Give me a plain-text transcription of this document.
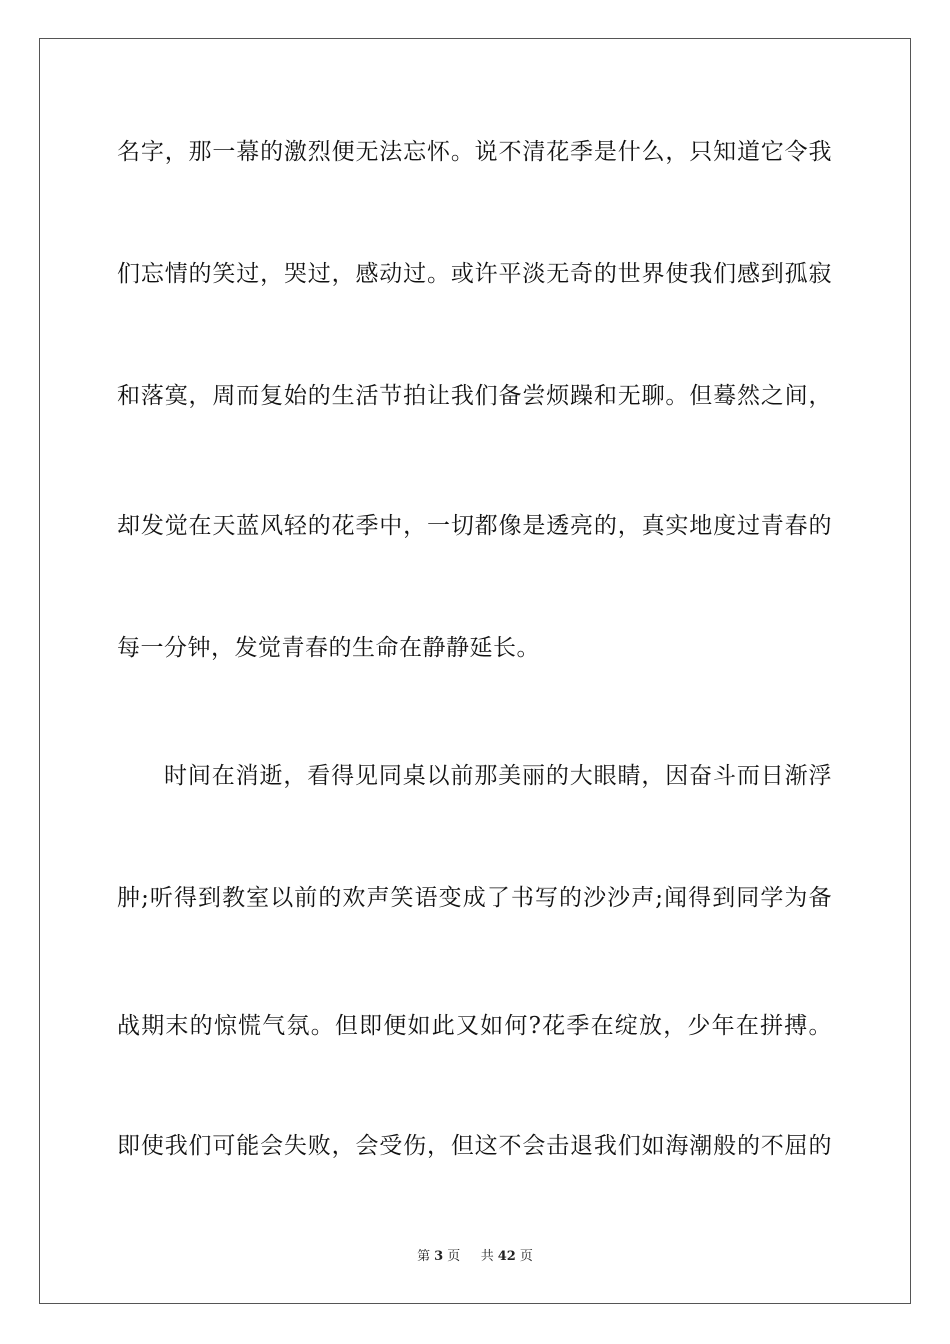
名字，那一幕的激烈便无法忘怀。说不清花季是什么，只知道它令我
们忘情的笑过，哭过，感动过。或许平淡无奇的世界使我们感到孤寂
和落寞，周而复始的生活节拍让我们备尝烦躁和无聊。但蓦然之间，
却发觉在天蓝风轻的花季中，一切都像是透亮的，真实地度过青春的
每一分钟，发觉青春的生命在静静延长。
时间在消逝，看得见同桌以前那美丽的大眼睛，因奋斗而日渐浮
肿;听得到教室以前的欢声笑语变成了书写的沙沙声;闻得到同学为备
战期末的惊慌气氛。但即便如此又如何?花季在绽放，少年在拼搏。
即使我们可能会失败，会受伤，但这不会击退我们如海潮般的不屈的
第 3 页 共 42 页
